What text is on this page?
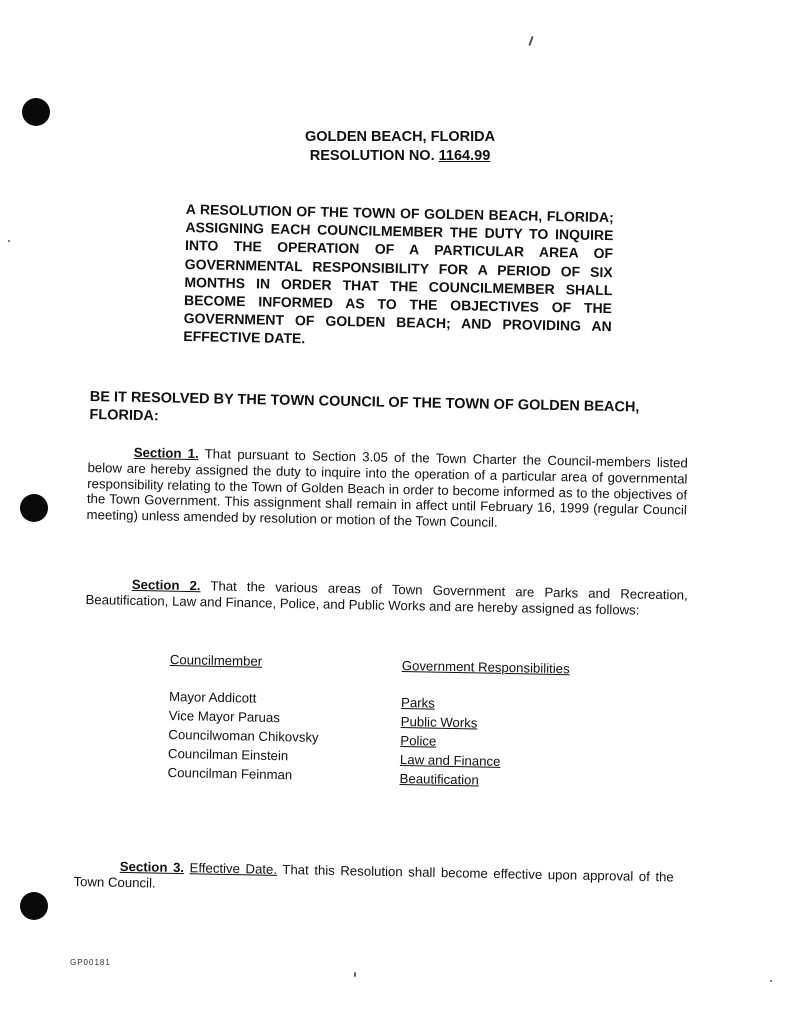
GOLDEN BEACH, FLORIDA
RESOLUTION NO. 1164.99
A RESOLUTION OF THE TOWN OF GOLDEN BEACH, FLORIDA; ASSIGNING EACH COUNCILMEMBER THE DUTY TO INQUIRE INTO THE OPERATION OF A PARTICULAR AREA OF GOVERNMENTAL RESPONSIBILITY FOR A PERIOD OF SIX MONTHS IN ORDER THAT THE COUNCILMEMBER SHALL BECOME INFORMED AS TO THE OBJECTIVES OF THE GOVERNMENT OF GOLDEN BEACH; AND PROVIDING AN EFFECTIVE DATE.
BE IT RESOLVED BY THE TOWN COUNCIL OF THE TOWN OF GOLDEN BEACH, FLORIDA:
Section 1. That pursuant to Section 3.05 of the Town Charter the Council-members listed below are hereby assigned the duty to inquire into the operation of a particular area of governmental responsibility relating to the Town of Golden Beach in order to become informed as to the objectives of the Town Government. This assignment shall remain in affect until February 16, 1999 (regular Council meeting) unless amended by resolution or motion of the Town Council.
Section 2. That the various areas of Town Government are Parks and Recreation, Beautification, Law and Finance, Police, and Public Works and are hereby assigned as follows:
Councilmember
Mayor Addicott
Vice Mayor Paruas
Councilwoman Chikovsky
Councilman Einstein
Councilman Feinman
Government Responsibilities
Parks
Public Works
Police
Law and Finance
Beautification
Section 3. Effective Date. That this Resolution shall become effective upon approval of the Town Council.
GP00181
